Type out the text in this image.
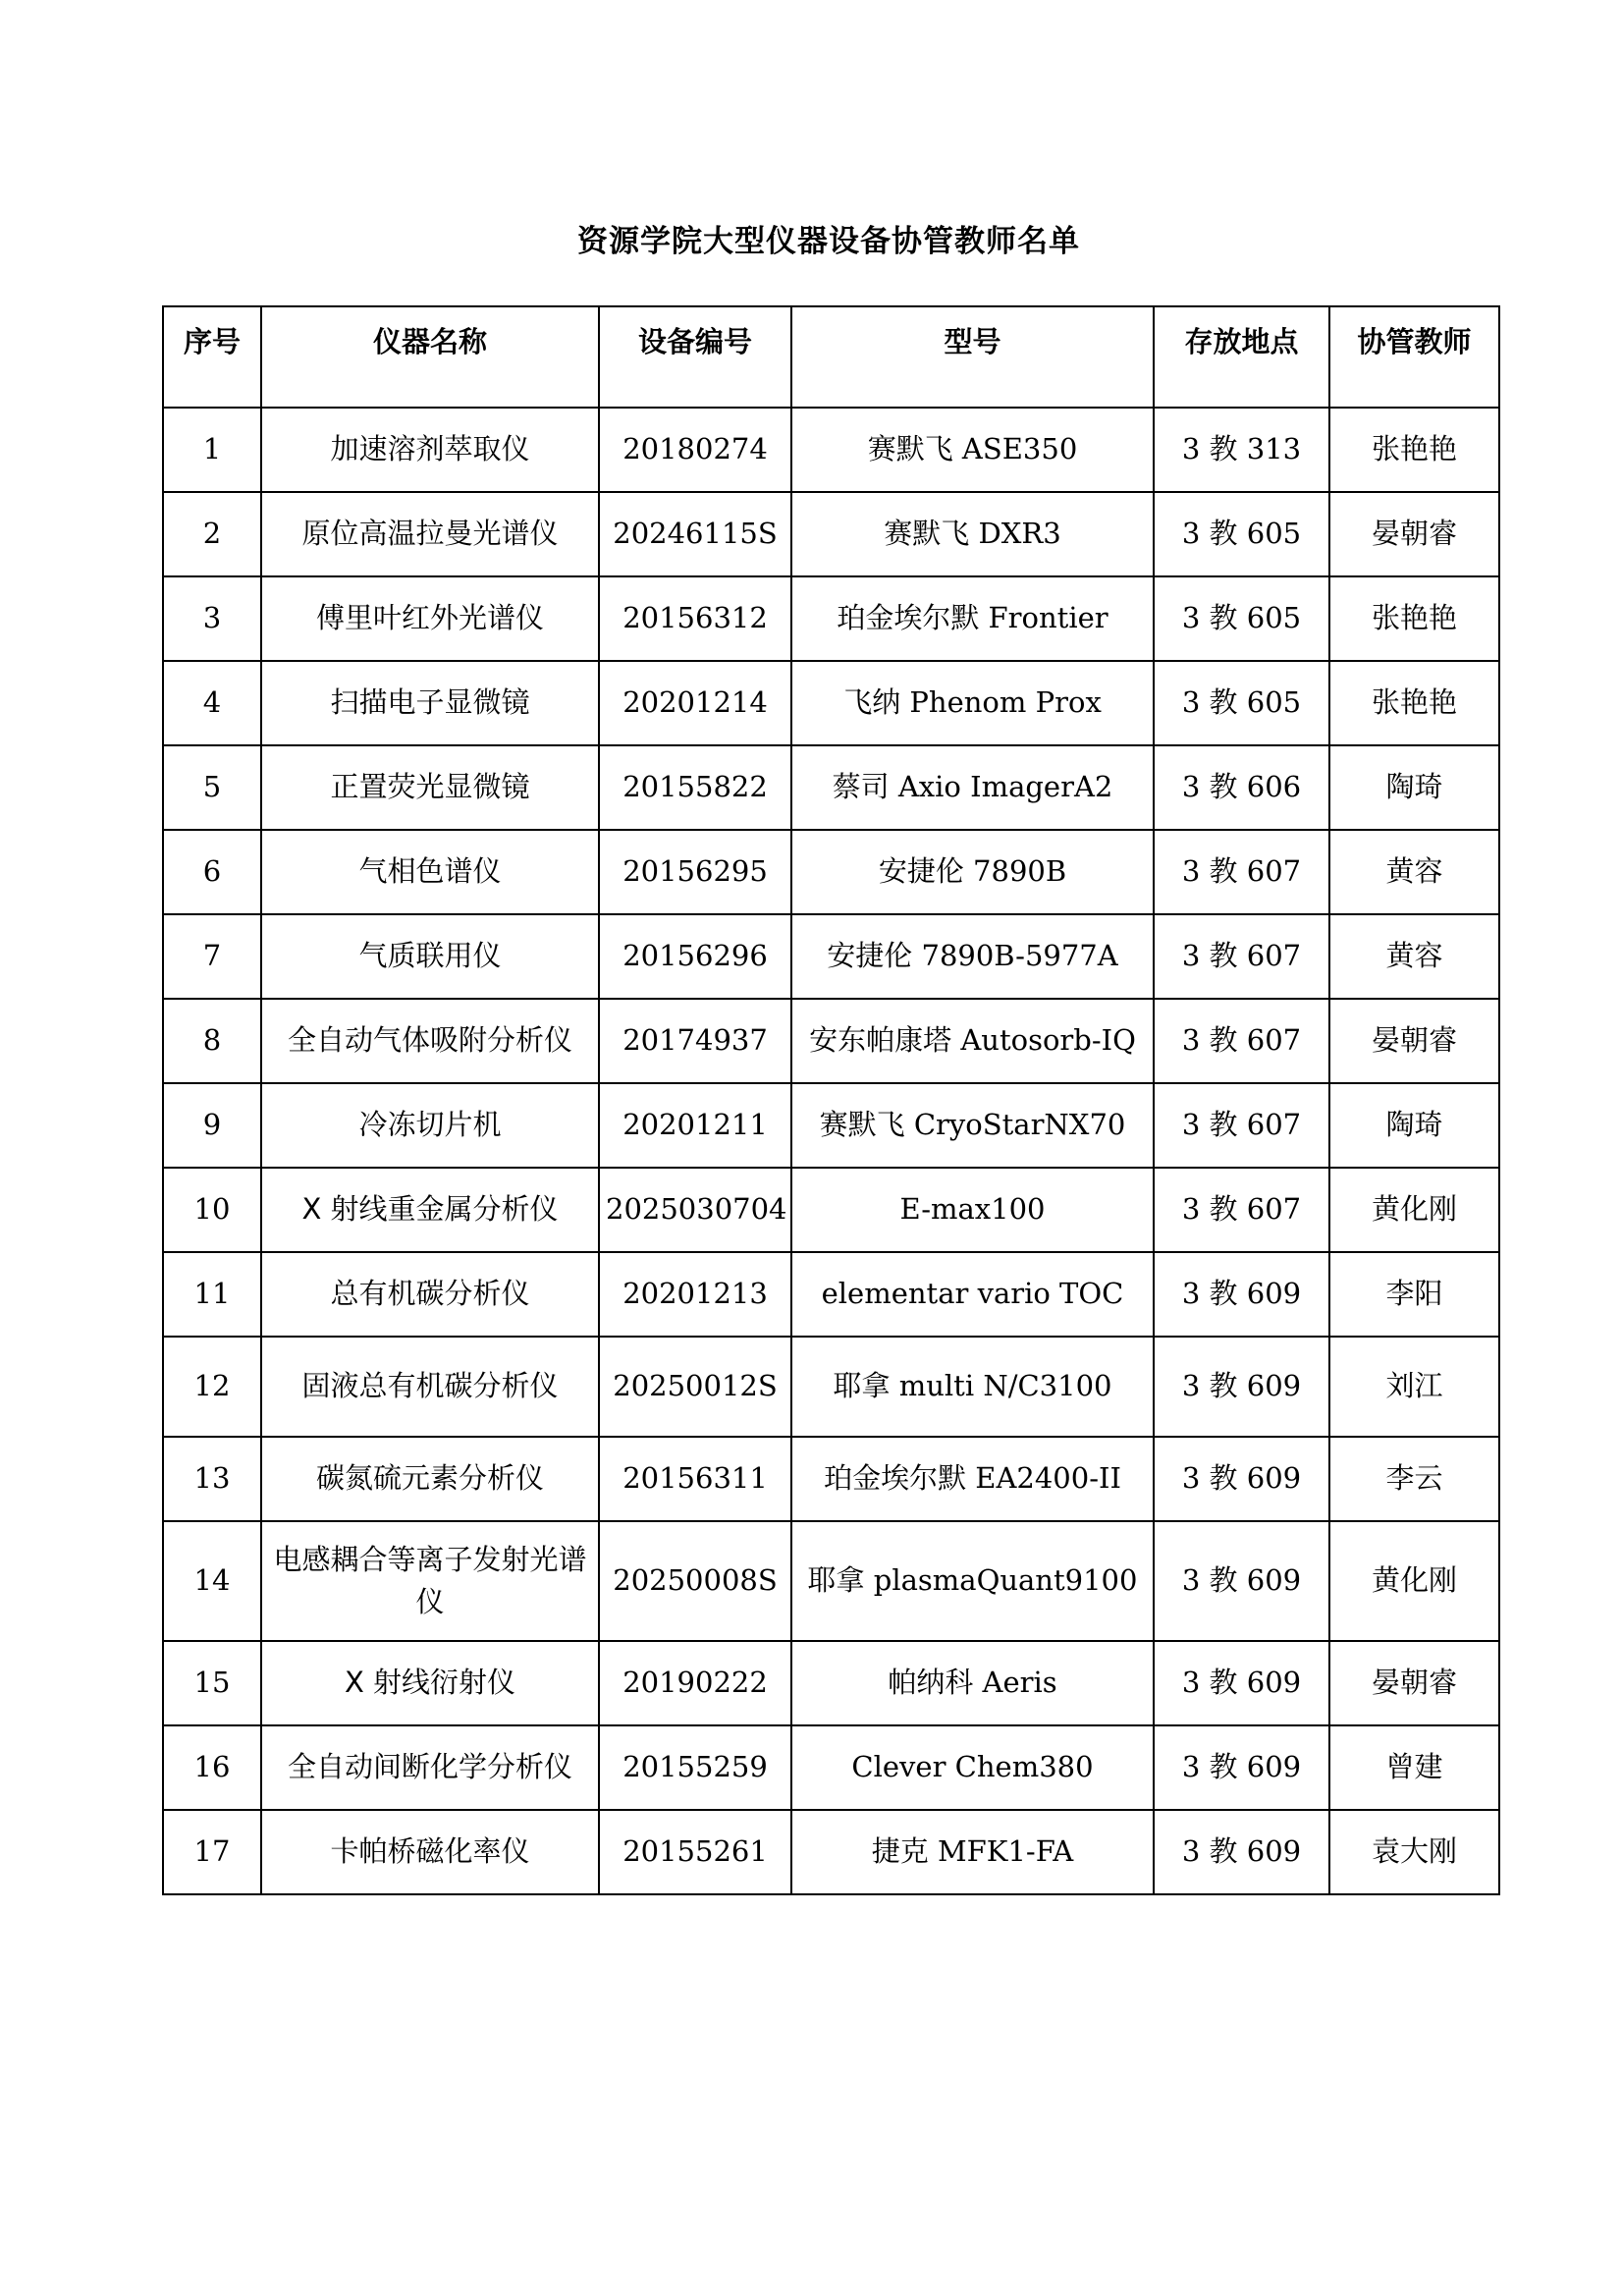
资源学院大型仪器设备协管教师名单
序号	仪器名称	设备编号	型号	存放地点	协管教师
1	加速溶剂萃取仪	20180274	赛默飞 ASE350	3 教 313	张艳艳
2	原位高温拉曼光谱仪	20246115S	赛默飞 DXR3	3 教 605	晏朝睿
3	傅里叶红外光谱仪	20156312	珀金埃尔默 Frontier	3 教 605	张艳艳
4	扫描电子显微镜	20201214	飞纳 Phenom Prox	3 教 605	张艳艳
5	正置荧光显微镜	20155822	蔡司 Axio ImagerA2	3 教 606	陶琦
6	气相色谱仪	20156295	安捷伦 7890B	3 教 607	黄容
7	气质联用仪	20156296	安捷伦 7890B-5977A	3 教 607	黄容
8	全自动气体吸附分析仪	20174937	安东帕康塔 Autosorb-IQ	3 教 607	晏朝睿
9	冷冻切片机	20201211	赛默飞 CryoStarNX70	3 教 607	陶琦
10	X 射线重金属分析仪	2025030704	E-max100	3 教 607	黄化刚
11	总有机碳分析仪	20201213	elementar vario TOC	3 教 609	李阳
12	固液总有机碳分析仪	20250012S	耶拿 multi N/C3100	3 教 609	刘江
13	碳氮硫元素分析仪	20156311	珀金埃尔默 EA2400-II	3 教 609	李云
14	电感耦合等离子发射光谱仪	20250008S	耶拿 plasmaQuant9100	3 教 609	黄化刚
15	X 射线衍射仪	20190222	帕纳科 Aeris	3 教 609	晏朝睿
16	全自动间断化学分析仪	20155259	Clever Chem380	3 教 609	曾建
17	卡帕桥磁化率仪	20155261	捷克 MFK1-FA	3 教 609	袁大刚
